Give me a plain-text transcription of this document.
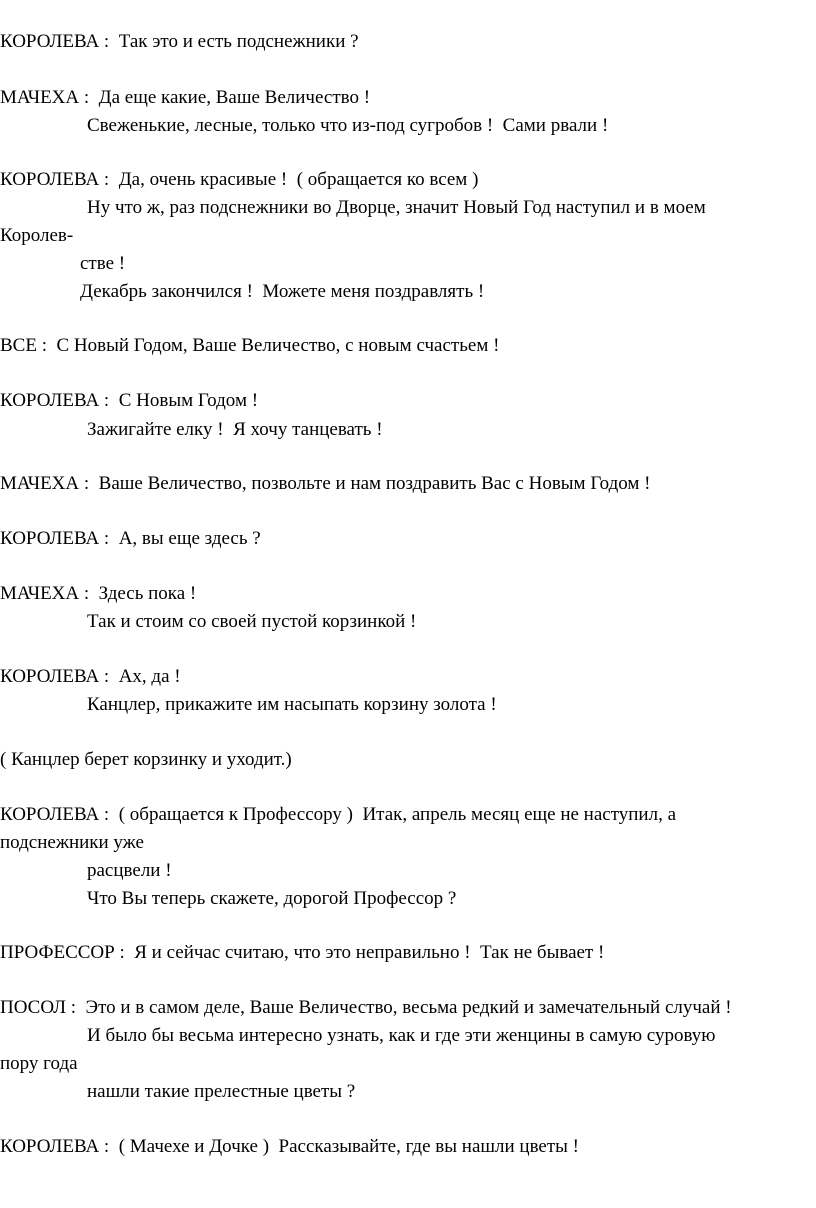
КОРОЛЕВА :  Так это и есть подснежники ?
МАЧЕХА :  Да еще какие, Ваше Величество !
Свеженькие, лесные, только что из-под сугробов !  Сами рвали !
КОРОЛЕВА :  Да, очень красивые !  ( обращается ко всем )
Ну что ж, раз подснежники во Дворце, значит Новый Год наступил и в моем
Королев-
стве !
Декабрь закончился !  Можете меня поздравлять !
ВСЕ :  С Новый Годом, Ваше Величество, с новым счастьем !
КОРОЛЕВА :  С Новым Годом !
Зажигайте елку !  Я хочу танцевать !
МАЧЕХА :  Ваше Величество, позвольте и нам поздравить Вас с Новым Годом !
КОРОЛЕВА :  А, вы еще здесь ?
МАЧЕХА :  Здесь пока !
Так и стоим со своей пустой корзинкой !
КОРОЛЕВА :  Ах, да !
Канцлер, прикажите им насыпать корзину золота !
( Канцлер берет корзинку и уходит.)
КОРОЛЕВА :  ( обращается к Профессору )  Итак, апрель месяц еще не наступил, а
подснежники уже
расцвели !
Что Вы теперь скажете, дорогой Профессор ?
ПРОФЕССОР :  Я и сейчас считаю, что это неправильно !  Так не бывает !
ПОСОЛ :  Это и в самом деле, Ваше Величество, весьма редкий и замечательный случай !
И было бы весьма интересно узнать, как и где эти женцины в самую суровую
пору года
нашли такие прелестные цветы ?
КОРОЛЕВА :  ( Мачехе и Дочке )  Рассказывайте, где вы нашли цветы !
